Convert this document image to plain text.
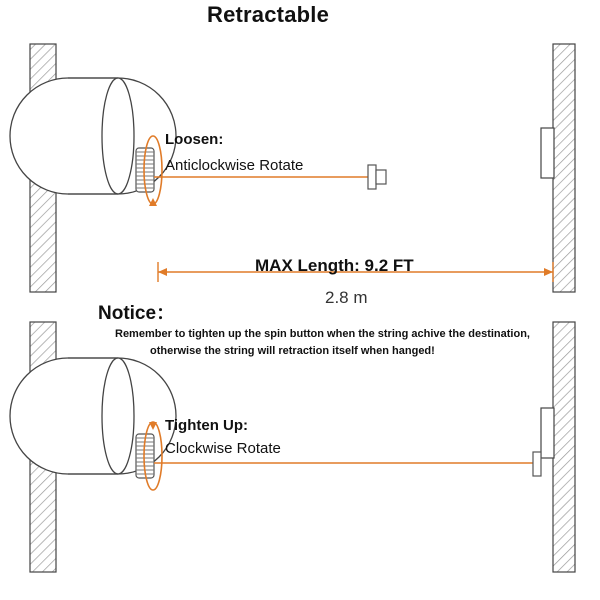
Retractable
Loosen:
Anticlockwise Rotate
MAX Length: 9.2 FT
2.8 m
Notice：
Remember to tighten up the spin button when the string achive the destination,
otherwise the string will retraction itself when hanged!
Tighten Up:
Clockwise Rotate
